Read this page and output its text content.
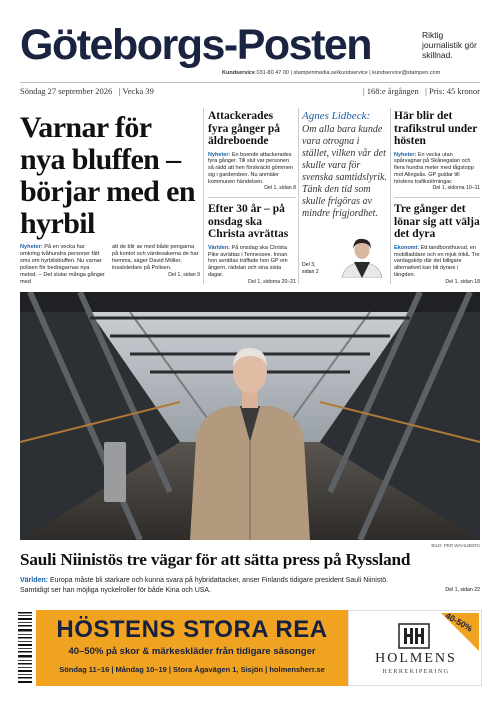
Göteborgs-Posten	Riktig journalistik gör skillnad.
Kundservice 031-80 47 00 | stampenmedia.se/kundservice | kundservice@stampen.com
Söndag 27 september 2026   | Vecka 39	| 168:e årgången   | Pris: 45 kronor
Varnar för nya bluffen – börjar med en hyrbil
Nyheter: På en vecka har omkring tvåhundra personer fått sms om hyrbilsbluffen. Nu varnar polisen för bedragarnas nya metod. – Det slutar många gånger med
att de blir av med både pengarna på kontot och värdesakerna de har hemma, säger David Möller, insatsledare på Polisen.
Del 1, sidan 9
Attackerades fyra gånger på äldreboende

Nyheter: En boende attackerades fyra gånger. Till slut var personen så rädd att hen förskräckt gömmen sig i garderoben. Nu anmäler kommunen händelsen.
Del 1, sidan 8

Efter 30 år – på onsdag ska Christa avrättas

Världen: På onsdag ska Christa Pike avrättas i Tennessee. Innan hon avrättas träffade hon GP om ångern, rädslan och sina sista dagar.
Del 1, sidorna 20–21

Agnes Lidbeck:
Om alla bara kunde vara otrogna i stället, vilken vår det skulle vara för svenska samtidslyrik. Tänk den tid som skulle frigöras av mindre frigjordhet.
Del 3,
sidan 2
Här blir det trafikstrul under hösten

Nyheter: En vecka utan spårvagnar på Skånegatan och flera hundra meter med tågstopp mot Alingsås. GP guidar till höstens trafikstörningar.
Del 1, sidorna 10–11

Tre gånger det lönar sig att välja det dyra

Ekonomi: Ett tandborsthuvud, en mobilladdare och en mjuk trikå. Tre vardagsköp där det billigare alternativet kan bli dyrare i längden.
Del 1, sidan 18

BILD: PER WAHLBERG
Sauli Niinistös tre vägar för att sätta press på Ryssland
Världen: Europa måste bli starkare och kunna svara på hybridattacker, anser Finlands tidigare president Sauli Niinistö.
Samtidigt ser han möjliga nyckelroller för både Kina och USA.	Del 1, sidan 22
HÖSTENS STORA REA
40–50% på skor & märkeskläder från tidigare säsonger
Söndag 11–16 | Måndag 10–19 | Stora Ågavägen 1, Sisjön | holmensherr.se
HOLMENS
HERREKIPERING
40-50%
